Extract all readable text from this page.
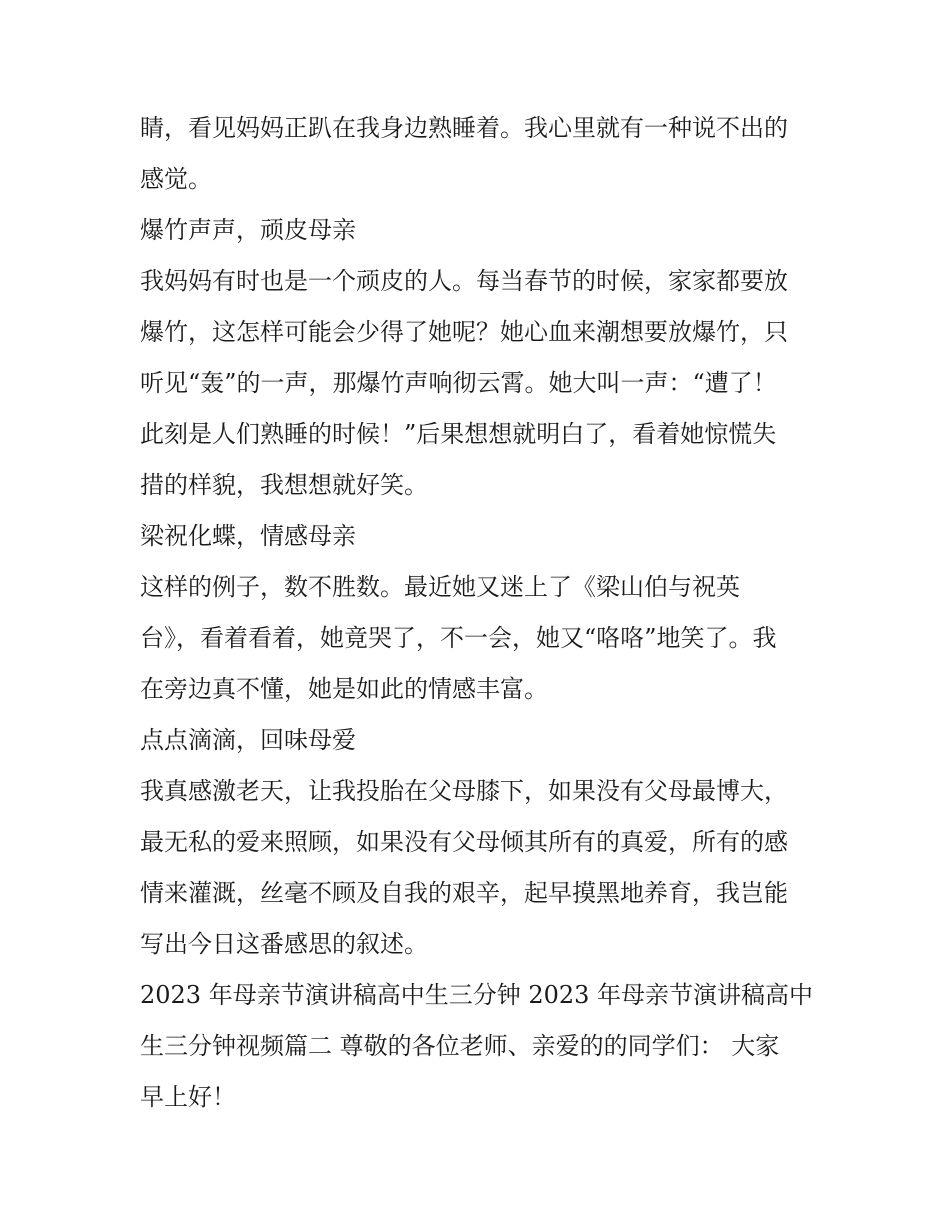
睛，看见妈妈正趴在我身边熟睡着。我心里就有一种说不出的
感觉。
爆竹声声，顽皮母亲
我妈妈有时也是一个顽皮的人。每当春节的时候，家家都要放
爆竹，这怎样可能会少得了她呢？她心血来潮想要放爆竹，只
听见“轰”的一声，那爆竹声响彻云霄。她大叫一声：“遭了！
此刻是人们熟睡的时候！”后果想想就明白了，看着她惊慌失
措的样貌，我想想就好笑。
梁祝化蝶，情感母亲
这样的例子，数不胜数。最近她又迷上了《梁山伯与祝英
台》，看着看着，她竟哭了，不一会，她又“咯咯”地笑了。我
在旁边真不懂，她是如此的情感丰富。
点点滴滴，回味母爱
我真感激老天，让我投胎在父母膝下，如果没有父母最博大，
最无私的爱来照顾，如果没有父母倾其所有的真爱，所有的感
情来灌溉，丝毫不顾及自我的艰辛，起早摸黑地养育，我岂能
写出今日这番感思的叙述。
2023 年母亲节演讲稿高中生三分钟 2023 年母亲节演讲稿高中
生三分钟视频篇二 尊敬的各位老师、亲爱的的同学们： 大家
早上好！
